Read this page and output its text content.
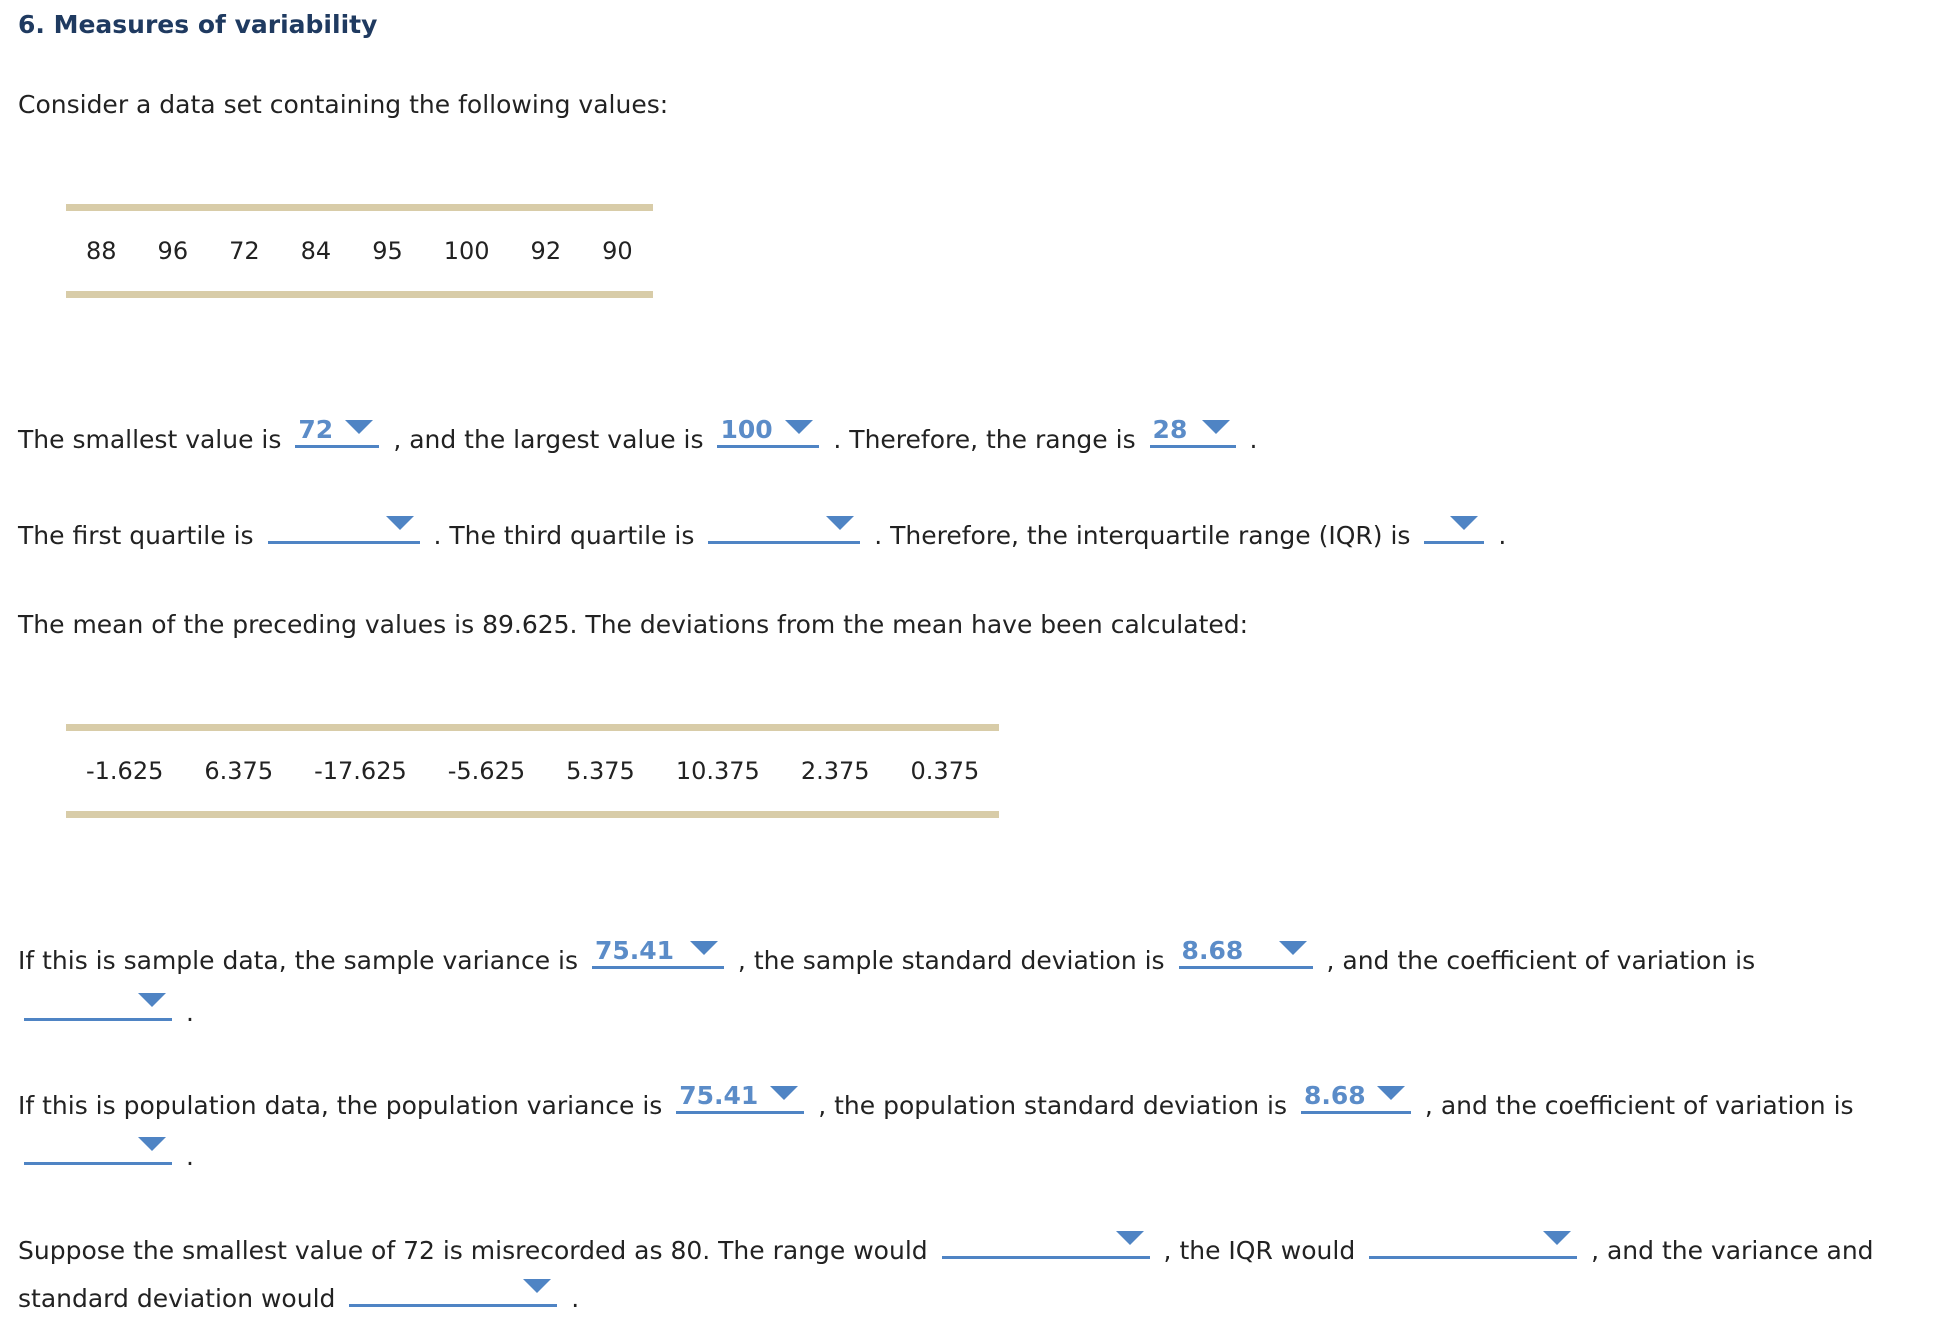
6. Measures of variability
Consider a data set containing the following values:
88 96 72 84 95 100 92 90
The smallest value is 72 , and the largest value is 100 . Therefore, the range is 28 .
The first quartile is	. The third quartile is	. Therefore, the interquartile range (IQR) is	.
The mean of the preceding values is 89.625. The deviations from the mean have been calculated:
-1.625 6.375 -17.625 -5.625 5.375 10.375 2.375 0.375
If this is sample data, the sample variance is 75.41	, the sample standard deviation is 8.68	, and the coefficient of variation is
.
If this is population data, the population variance is 75.41 , the population standard deviation is 8.68 , and the coefficient of variation is
.
Suppose the smallest value of 72 is misrecorded as 80. The range would	, the IQR would	, and the variance and
standard deviation would	.
